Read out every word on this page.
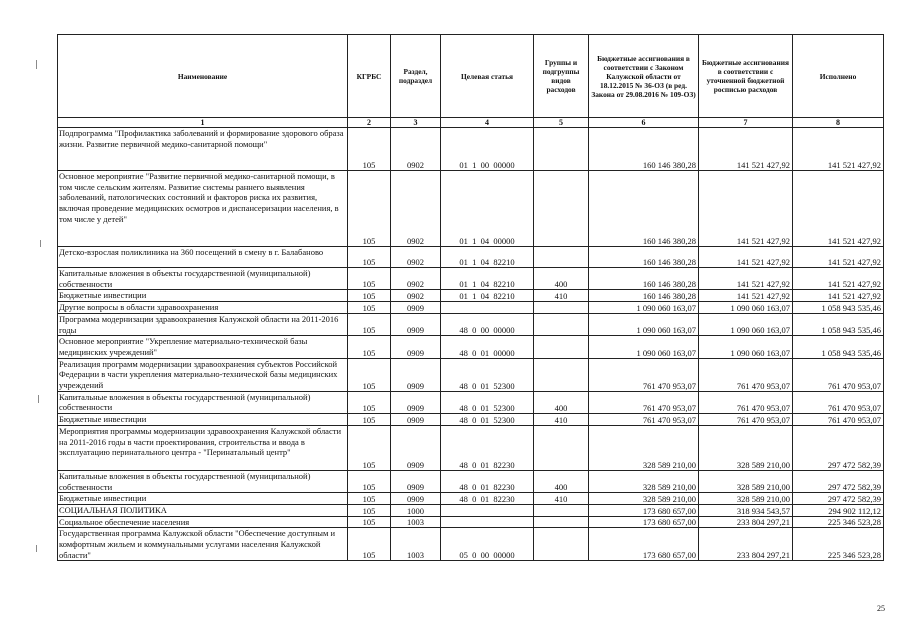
Наименование	КГРБС	Раздел, подраздел	Целевая статья	Группы и подгруппы видов расходов	Бюджетные ассигнования в соответствии с Законом Калужской области от 18.12.2015 № 36-ОЗ (в ред. Закона от 29.08.2016 № 109-ОЗ)	Бюджетные ассигнования в соответствии с уточненной бюджетной росписью расходов	Исполнено
1	2	3	4	5	6	7	8
Подпрограмма "Профилактика заболеваний и формирование здорового образа жизни. Развитие первичной медико-санитарной помощи"	105	0902	01  1  00  00000		160 146 380,28	141 521 427,92	141 521 427,92
Основное мероприятие "Развитие первичной медико-санитарной помощи, в том числе сельским жителям. Развитие системы раннего выявления заболеваний, патологических состояний и факторов риска их развития, включая проведение медицинских осмотров и диспансеризации населения, в том числе у детей"	105	0902	01  1  04  00000		160 146 380,28	141 521 427,92	141 521 427,92
Детско-взрослая поликлиника на 360 посещений в смену в г. Балабаново	105	0902	01  1  04  82210		160 146 380,28	141 521 427,92	141 521 427,92
Капитальные вложения в объекты государственной (муниципальной) собственности	105	0902	01  1  04  82210	400	160 146 380,28	141 521 427,92	141 521 427,92
Бюджетные инвестиции	105	0902	01  1  04  82210	410	160 146 380,28	141 521 427,92	141 521 427,92
Другие вопросы в области здравоохранения	105	0909			1 090 060 163,07	1 090 060 163,07	1 058 943 535,46
Программа модернизации здравоохранения Калужской области на 2011-2016 годы	105	0909	48  0  00  00000		1 090 060 163,07	1 090 060 163,07	1 058 943 535,46
Основное мероприятие "Укрепление материально-технической базы медицинских учреждений"	105	0909	48  0  01  00000		1 090 060 163,07	1 090 060 163,07	1 058 943 535,46
Реализация программ модернизации здравоохранения субъектов Российской Федерации в части укрепления материально-технической базы медицинских учреждений	105	0909	48  0  01  52300		761 470 953,07	761 470 953,07	761 470 953,07
Капитальные вложения в объекты государственной (муниципальной) собственности	105	0909	48  0  01  52300	400	761 470 953,07	761 470 953,07	761 470 953,07
Бюджетные инвестиции	105	0909	48  0  01  52300	410	761 470 953,07	761 470 953,07	761 470 953,07
Мероприятия программы модернизации здравоохранения Калужской области на 2011-2016 годы в части проектирования, строительства и ввода в эксплуатацию перинатального центра - "Перинатальный центр"	105	0909	48  0  01  82230		328 589 210,00	328 589 210,00	297 472 582,39
Капитальные вложения в объекты государственной (муниципальной) собственности	105	0909	48  0  01  82230	400	328 589 210,00	328 589 210,00	297 472 582,39
Бюджетные инвестиции	105	0909	48  0  01  82230	410	328 589 210,00	328 589 210,00	297 472 582,39
СОЦИАЛЬНАЯ ПОЛИТИКА	105	1000			173 680 657,00	318 934 543,57	294 902 112,12
Социальное обеспечение населения	105	1003			173 680 657,00	233 804 297,21	225 346 523,28
Государственная программа Калужской области "Обеспечение доступным и комфортным жильем и коммунальными услугами населения Калужской области"	105	1003	05  0  00  00000		173 680 657,00	233 804 297,21	225 346 523,28
25
